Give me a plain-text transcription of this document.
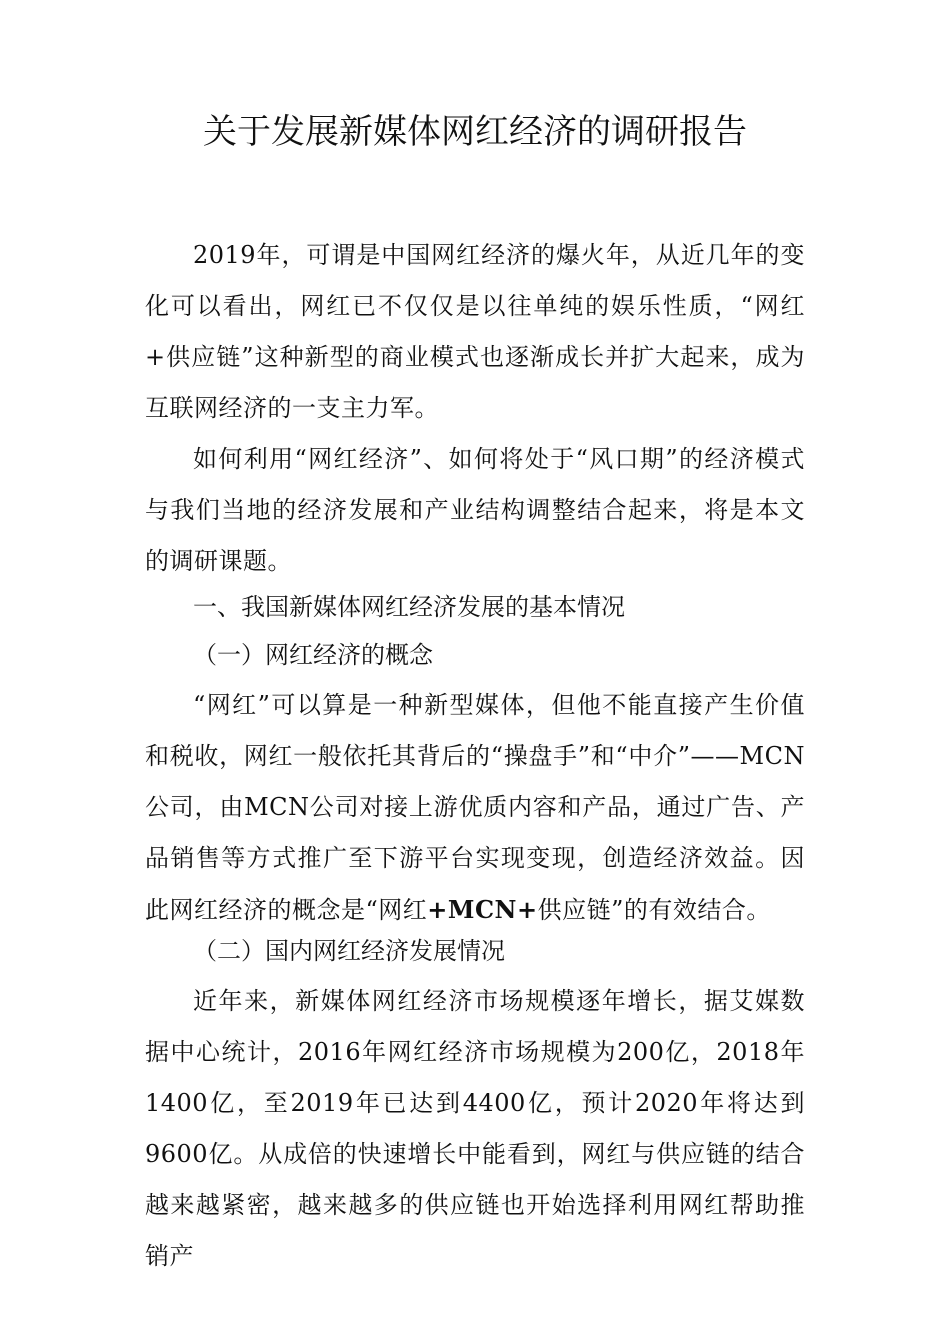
关于发展新媒体网红经济的调研报告

2019年，可谓是中国网红经济的爆火年，从近几年的变化可以看出，网红已不仅仅是以往单纯的娱乐性质，“网红+供应链”这种新型的商业模式也逐渐成长并扩大起来，成为互联网经济的一支主力军。

如何利用“网红经济”、如何将处于“风口期”的经济模式与我们当地的经济发展和产业结构调整结合起来，将是本文的调研课题。

一、我国新媒体网红经济发展的基本情况
（一）网红经济的概念

“网红”可以算是一种新型媒体，但他不能直接产生价值和税收，网红一般依托其背后的“操盘手”和“中介”——MCN公司，由MCN公司对接上游优质内容和产品，通过广告、产品销售等方式推广至下游平台实现变现，创造经济效益。因此网红经济的概念是“网红+MCN+供应链”的有效结合。

（二）国内网红经济发展情况

近年来，新媒体网红经济市场规模逐年增长，据艾媒数据中心统计，2016年网红经济市场规模为200亿，2018年1400亿，至2019年已达到4400亿，预计2020年将达到9600亿。从成倍的快速增长中能看到，网红与供应链的结合越来越紧密，越来越多的供应链也开始选择利用网红帮助推销产
